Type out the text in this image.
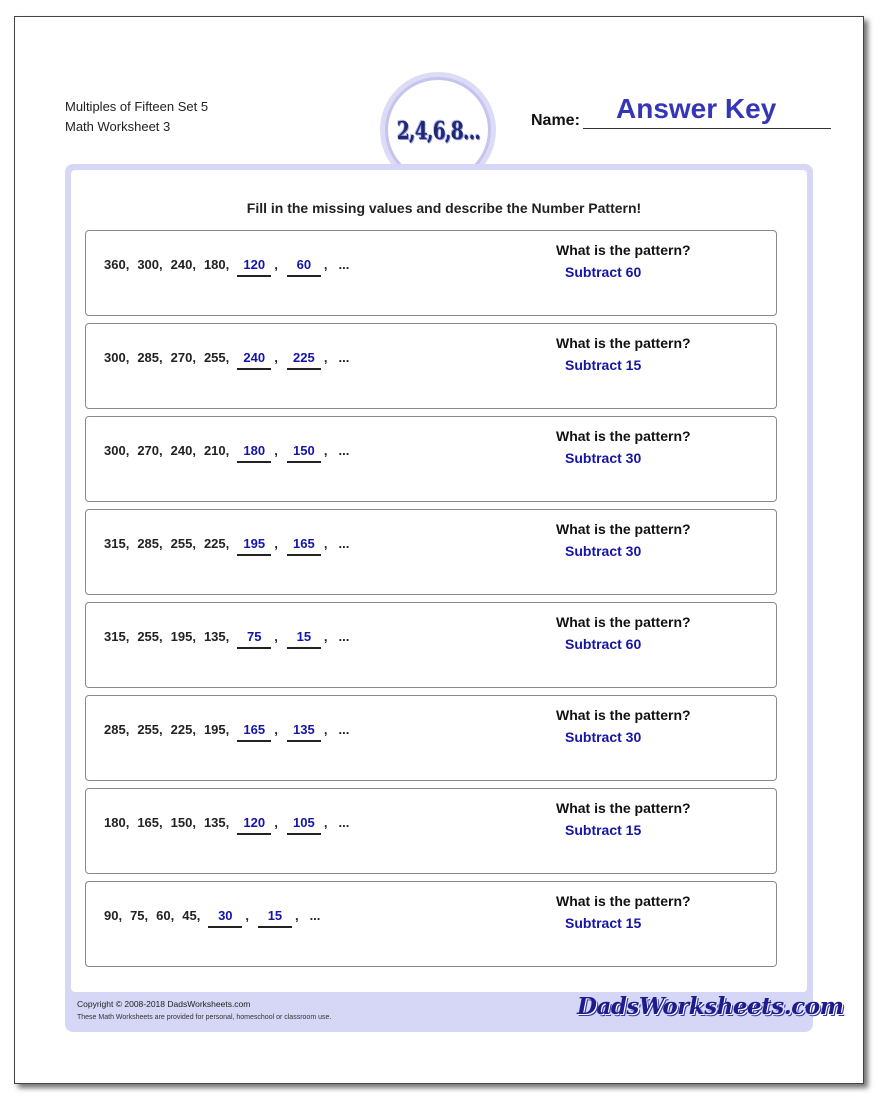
Multiples of Fifteen Set 5
Math Worksheet 3	2,4,6,8...	Name: Answer Key
Fill in the missing values and describe the Number Pattern!
Copyright © 2008-2018 DadsWorksheets.com
These Math Worksheets are provided for personal, homeschool or classroom use.	DadsWorksheets.com
360, 300, 240, 180,	120 ,	60 , ...
What is the pattern?
Subtract 60
300, 285, 270, 255,	240 ,	225 , ...
What is the pattern?
Subtract 15
300, 270, 240, 210,	180 ,	150 , ...
What is the pattern?
Subtract 30
315, 285, 255, 225,	195 ,	165 , ...
What is the pattern?
Subtract 30
315, 255, 195, 135,	75 ,	15 , ...
What is the pattern?
Subtract 60
285, 255, 225, 195,	165 ,	135 , ...
What is the pattern?
Subtract 30
180, 165, 150, 135,	120 ,	105 , ...
What is the pattern?
Subtract 15
90, 75, 60, 45,	30 ,	15 , ...
What is the pattern?
Subtract 15
